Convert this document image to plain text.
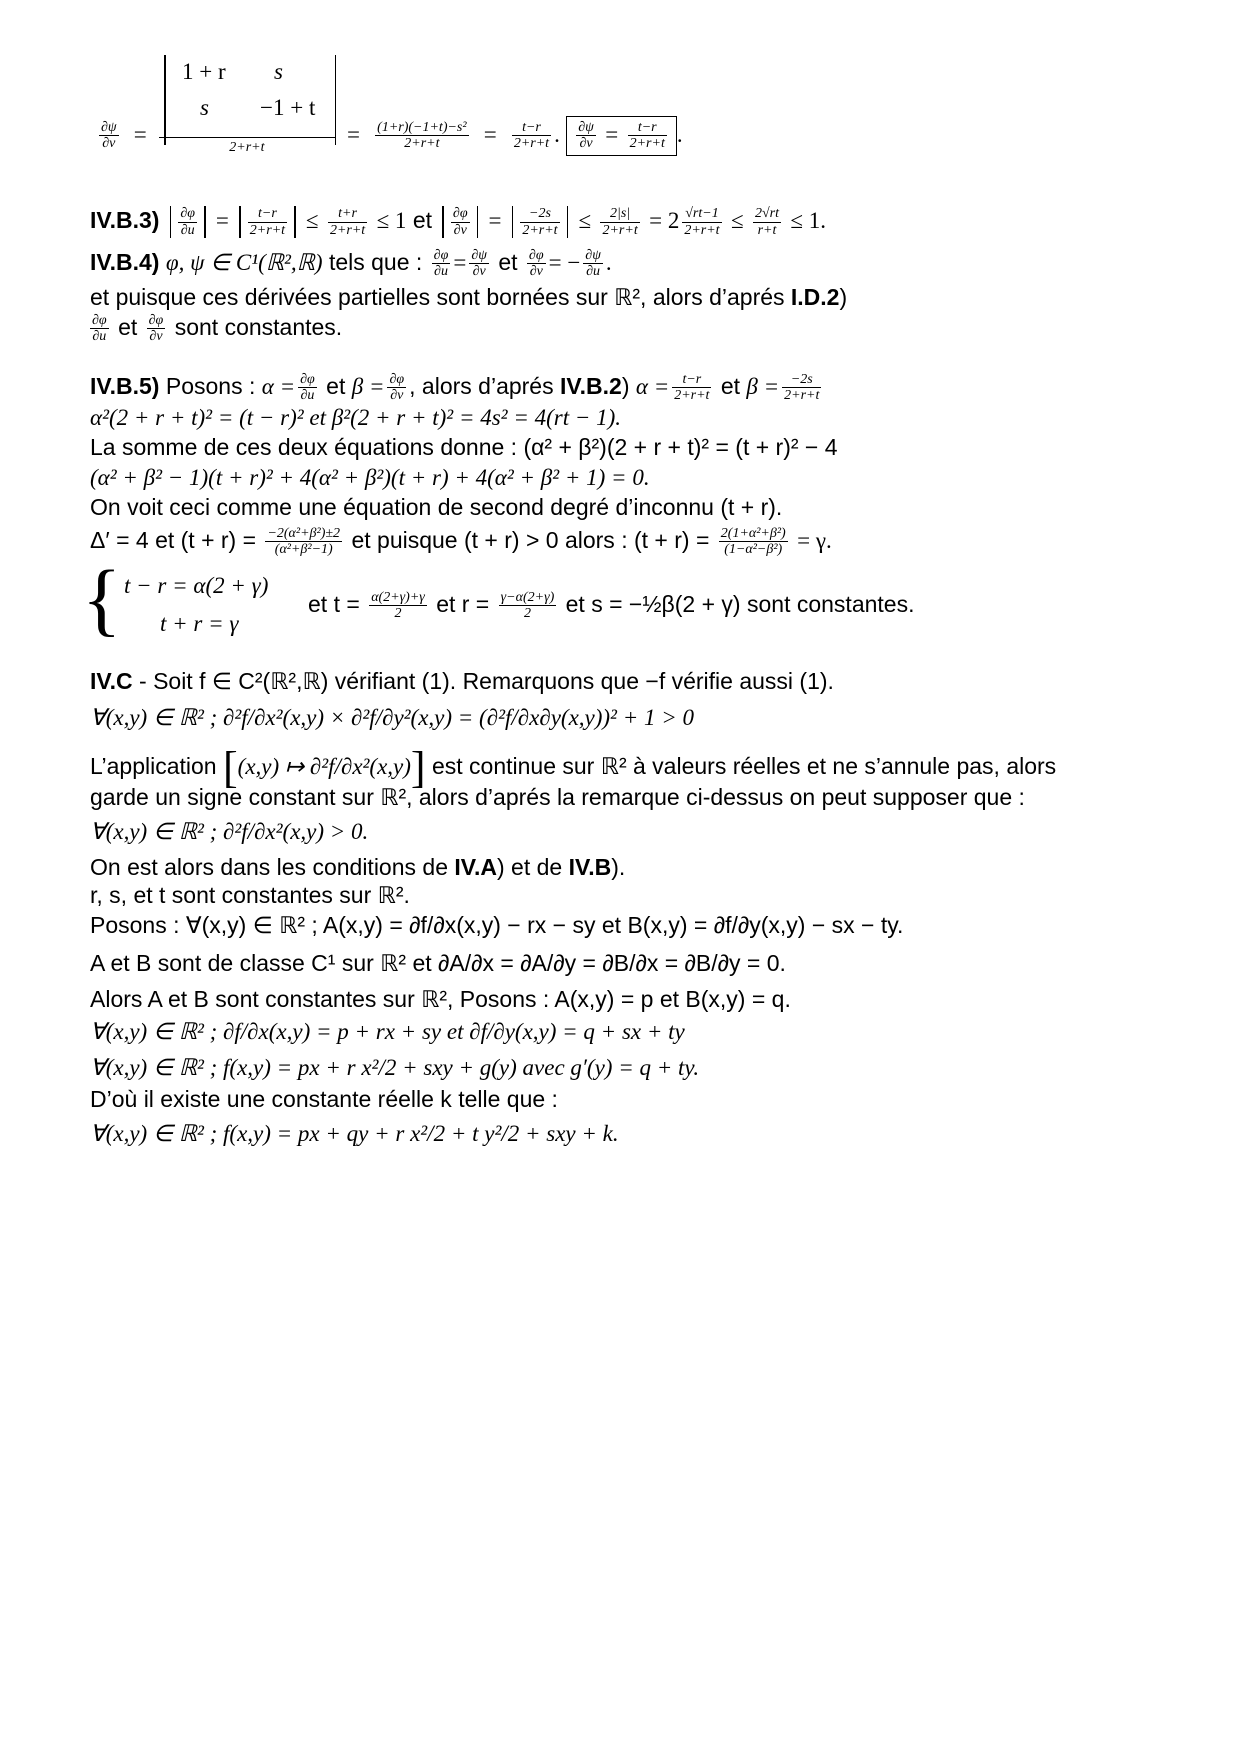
1 + r s
s −1 + t
$\frac{\partial\psi}{\partial v}$ =
2+r+t
= $\frac{\text{(1+r)(−1+t)−s²}}{2+r+t} = \frac{t-r}{2+r+t}$ . $\frac{\partial\psi}{\partial v} = \frac{t-r}{2+r+t}$ .
$IV.B.3) \frac{\partial\varphi}{\partial u} = \frac{t-r}{2+r+t} \le \frac{t+r}{2+r+t} \le 1$ et $\frac{\partial\varphi}{\partial v} = \frac{-2s}{2+r+t} \le \frac{2|s|}{2+r+t} = 2 \frac{√rt-1}{2+r+t} \le \frac{2√rt}{r+t} \le 1$.
IV.B.4) φ, ψ ∈ C¹(ℝ²,ℝ) tels que : $\frac{\partial\varphi}{\partial u} = \frac{\partial\psi}{\partial v}$ et $\frac{\partial\varphi}{\partial v}$ = − $\frac{\partial\psi}{\partial u}$ .
et puisque ces dérivées partielles sont bornées sur ℝ², alors d’aprés I.D.2)
$\frac{\partial\varphi}{\partial u}$ et $\frac{\partial\varphi}{\partial v}$ sont constantes.
IV.B.5) Posons : $\alpha = \frac{\partial\varphi}{\partial u}$ et $\beta = \frac{\partial\varphi}{\partial v}$ , alors d’aprés IV.B.2) $\alpha = \frac{t-r}{2+r+t}$ et $\beta = \frac{-2s}{2+r+t}$
α²(2 + r + t)² = (t − r)² et β²(2 + r + t)² = 4s² = 4(rt − 1).
La somme de ces deux équations donne : (α² + β²)(2 + r + t)² = (t + r)² − 4
(α² + β² − 1)(t + r)² + 4(α² + β²)(t + r) + 4(α² + β² + 1) = 0.
On voit ceci comme une équation de second degré d’inconnu (t + r).
Δ′ = 4 et $(t + r) = \frac{\text{−2(α²+β²)±2}}{\text{(α²+β²−1)}}$ et puisque (t + r) > 0 alors : $(t + r) = \frac{\text{2(1+α²+β²)}}{\text{(1−α²−β²)}} = \gamma$.
{ t − r = α(2 + γ)
t + r = γ
et $t = \frac{\alpha(2+\gamma)+\gamma}{2}$ et $r = \frac{\gamma-\alpha(2+\gamma)}{2}$ et s = −½β(2 + γ) sont constantes.
IV.C - Soit f ∈ C²(ℝ²,ℝ) vérifiant (1). Remarquons que −f vérifie aussi (1).
∀(x,y) ∈ ℝ² ; ∂²f/∂x²(x,y) × ∂²f/∂y²(x,y) = (∂²f/∂x∂y(x,y))² + 1 > 0
L’application [(x,y) ↦ ∂²f/∂x²(x,y)] est continue sur ℝ² à valeurs réelles et ne s’annule pas, alors
garde un signe constant sur ℝ², alors d’aprés la remarque ci-dessus on peut supposer que :
∀(x,y) ∈ ℝ² ; ∂²f/∂x²(x,y) > 0.
On est alors dans les conditions de IV.A) et de IV.B).
r, s, et t sont constantes sur ℝ².
Posons : ∀(x,y) ∈ ℝ² ; A(x,y) = ∂f/∂x(x,y) − rx − sy et B(x,y) = ∂f/∂y(x,y) − sx − ty.
A et B sont de classe C¹ sur ℝ² et ∂A/∂x = ∂A/∂y = ∂B/∂x = ∂B/∂y = 0.
Alors A et B sont constantes sur ℝ², Posons : A(x,y) = p et B(x,y) = q.
∀(x,y) ∈ ℝ² ; ∂f/∂x(x,y) = p + rx + sy et ∂f/∂y(x,y) = q + sx + ty
∀(x,y) ∈ ℝ² ; f(x,y) = px + r x²/2 + sxy + g(y) avec g′(y) = q + ty.
D’où il existe une constante réelle k telle que :
∀(x,y) ∈ ℝ² ; f(x,y) = px + qy + r x²/2 + t y²/2 + sxy + k.
